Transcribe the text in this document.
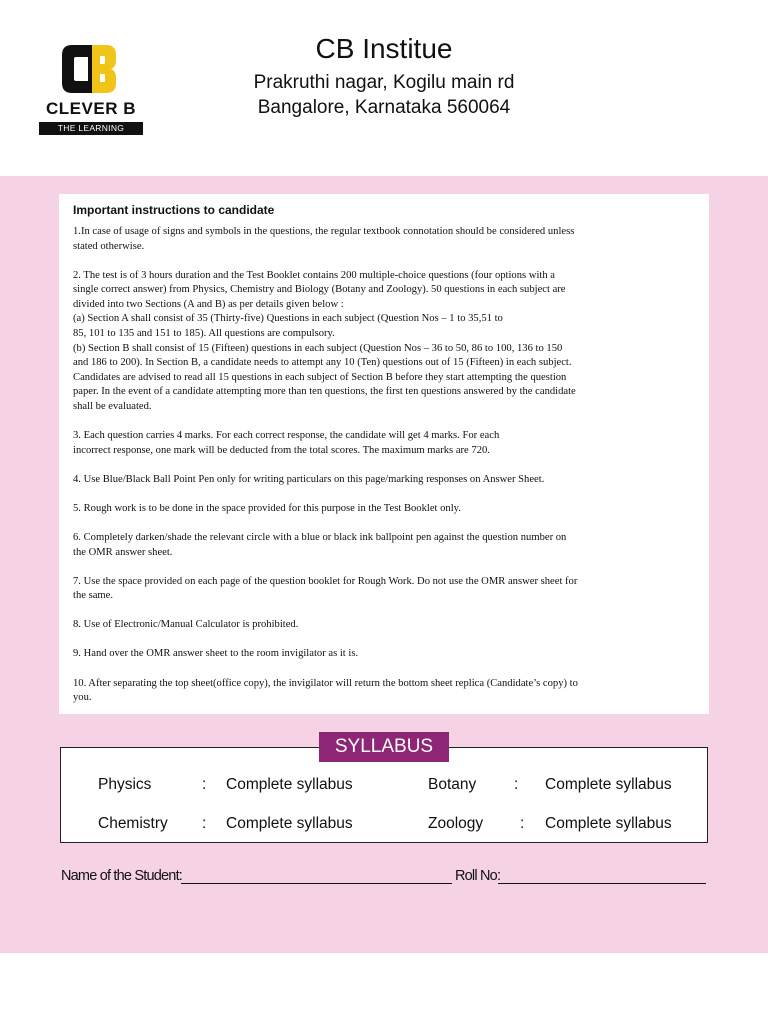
CLEVER B
THE LEARNING MASTER
CB Institue
Prakruthi nagar, Kogilu main rd
Bangalore, Karnataka 560064
Important instructions to candidate
1.In case of usage of signs and symbols in the questions, the regular textbook connotation should be considered unless
stated otherwise.
2. The test is of 3 hours duration and the Test Booklet contains 200 multiple-choice questions (four options with a
single correct answer) from Physics, Chemistry and Biology (Botany and Zoology). 50 questions in each subject are
divided into two Sections (A and B) as per details given below :
(a) Section A shall consist of 35 (Thirty-five) Questions in each subject (Question Nos – 1 to 35,51 to
85, 101 to 135 and 151 to 185). All questions are compulsory.
(b) Section B shall consist of 15 (Fifteen) questions in each subject (Question Nos – 36 to 50, 86 to 100, 136 to 150
and 186 to 200). In Section B, a candidate needs to attempt any 10 (Ten) questions out of 15 (Fifteen) in each subject.
Candidates are advised to read all 15 questions in each subject of Section B before they start attempting the question
paper. In the event of a candidate attempting more than ten questions, the first ten questions answered by the candidate
shall be evaluated.
3. Each question carries 4 marks. For each correct response, the candidate will get 4 marks. For each
incorrect response, one mark will be deducted from the total scores. The maximum marks are 720.
4. Use Blue/Black Ball Point Pen only for writing particulars on this page/marking responses on Answer Sheet.
5. Rough work is to be done in the space provided for this purpose in the Test Booklet only.
6. Completely darken/shade the relevant circle with a blue or black ink ballpoint pen against the question number on
the OMR answer sheet.
7. Use the space provided on each page of the question booklet for Rough Work. Do not use the OMR answer sheet for
the same.
8. Use of Electronic/Manual Calculator is prohibited.
9. Hand over the OMR answer sheet to the room invigilator as it is.
10. After separating the top sheet(office copy), the invigilator will return the bottom sheet replica (Candidate’s copy) to
you.
SYLLABUS
Physics	: Complete syllabus	Botany : Complete syllabus
Chemistry : Complete syllabus	Zoology : Complete syllabus
Name of the Student:	Roll No:
